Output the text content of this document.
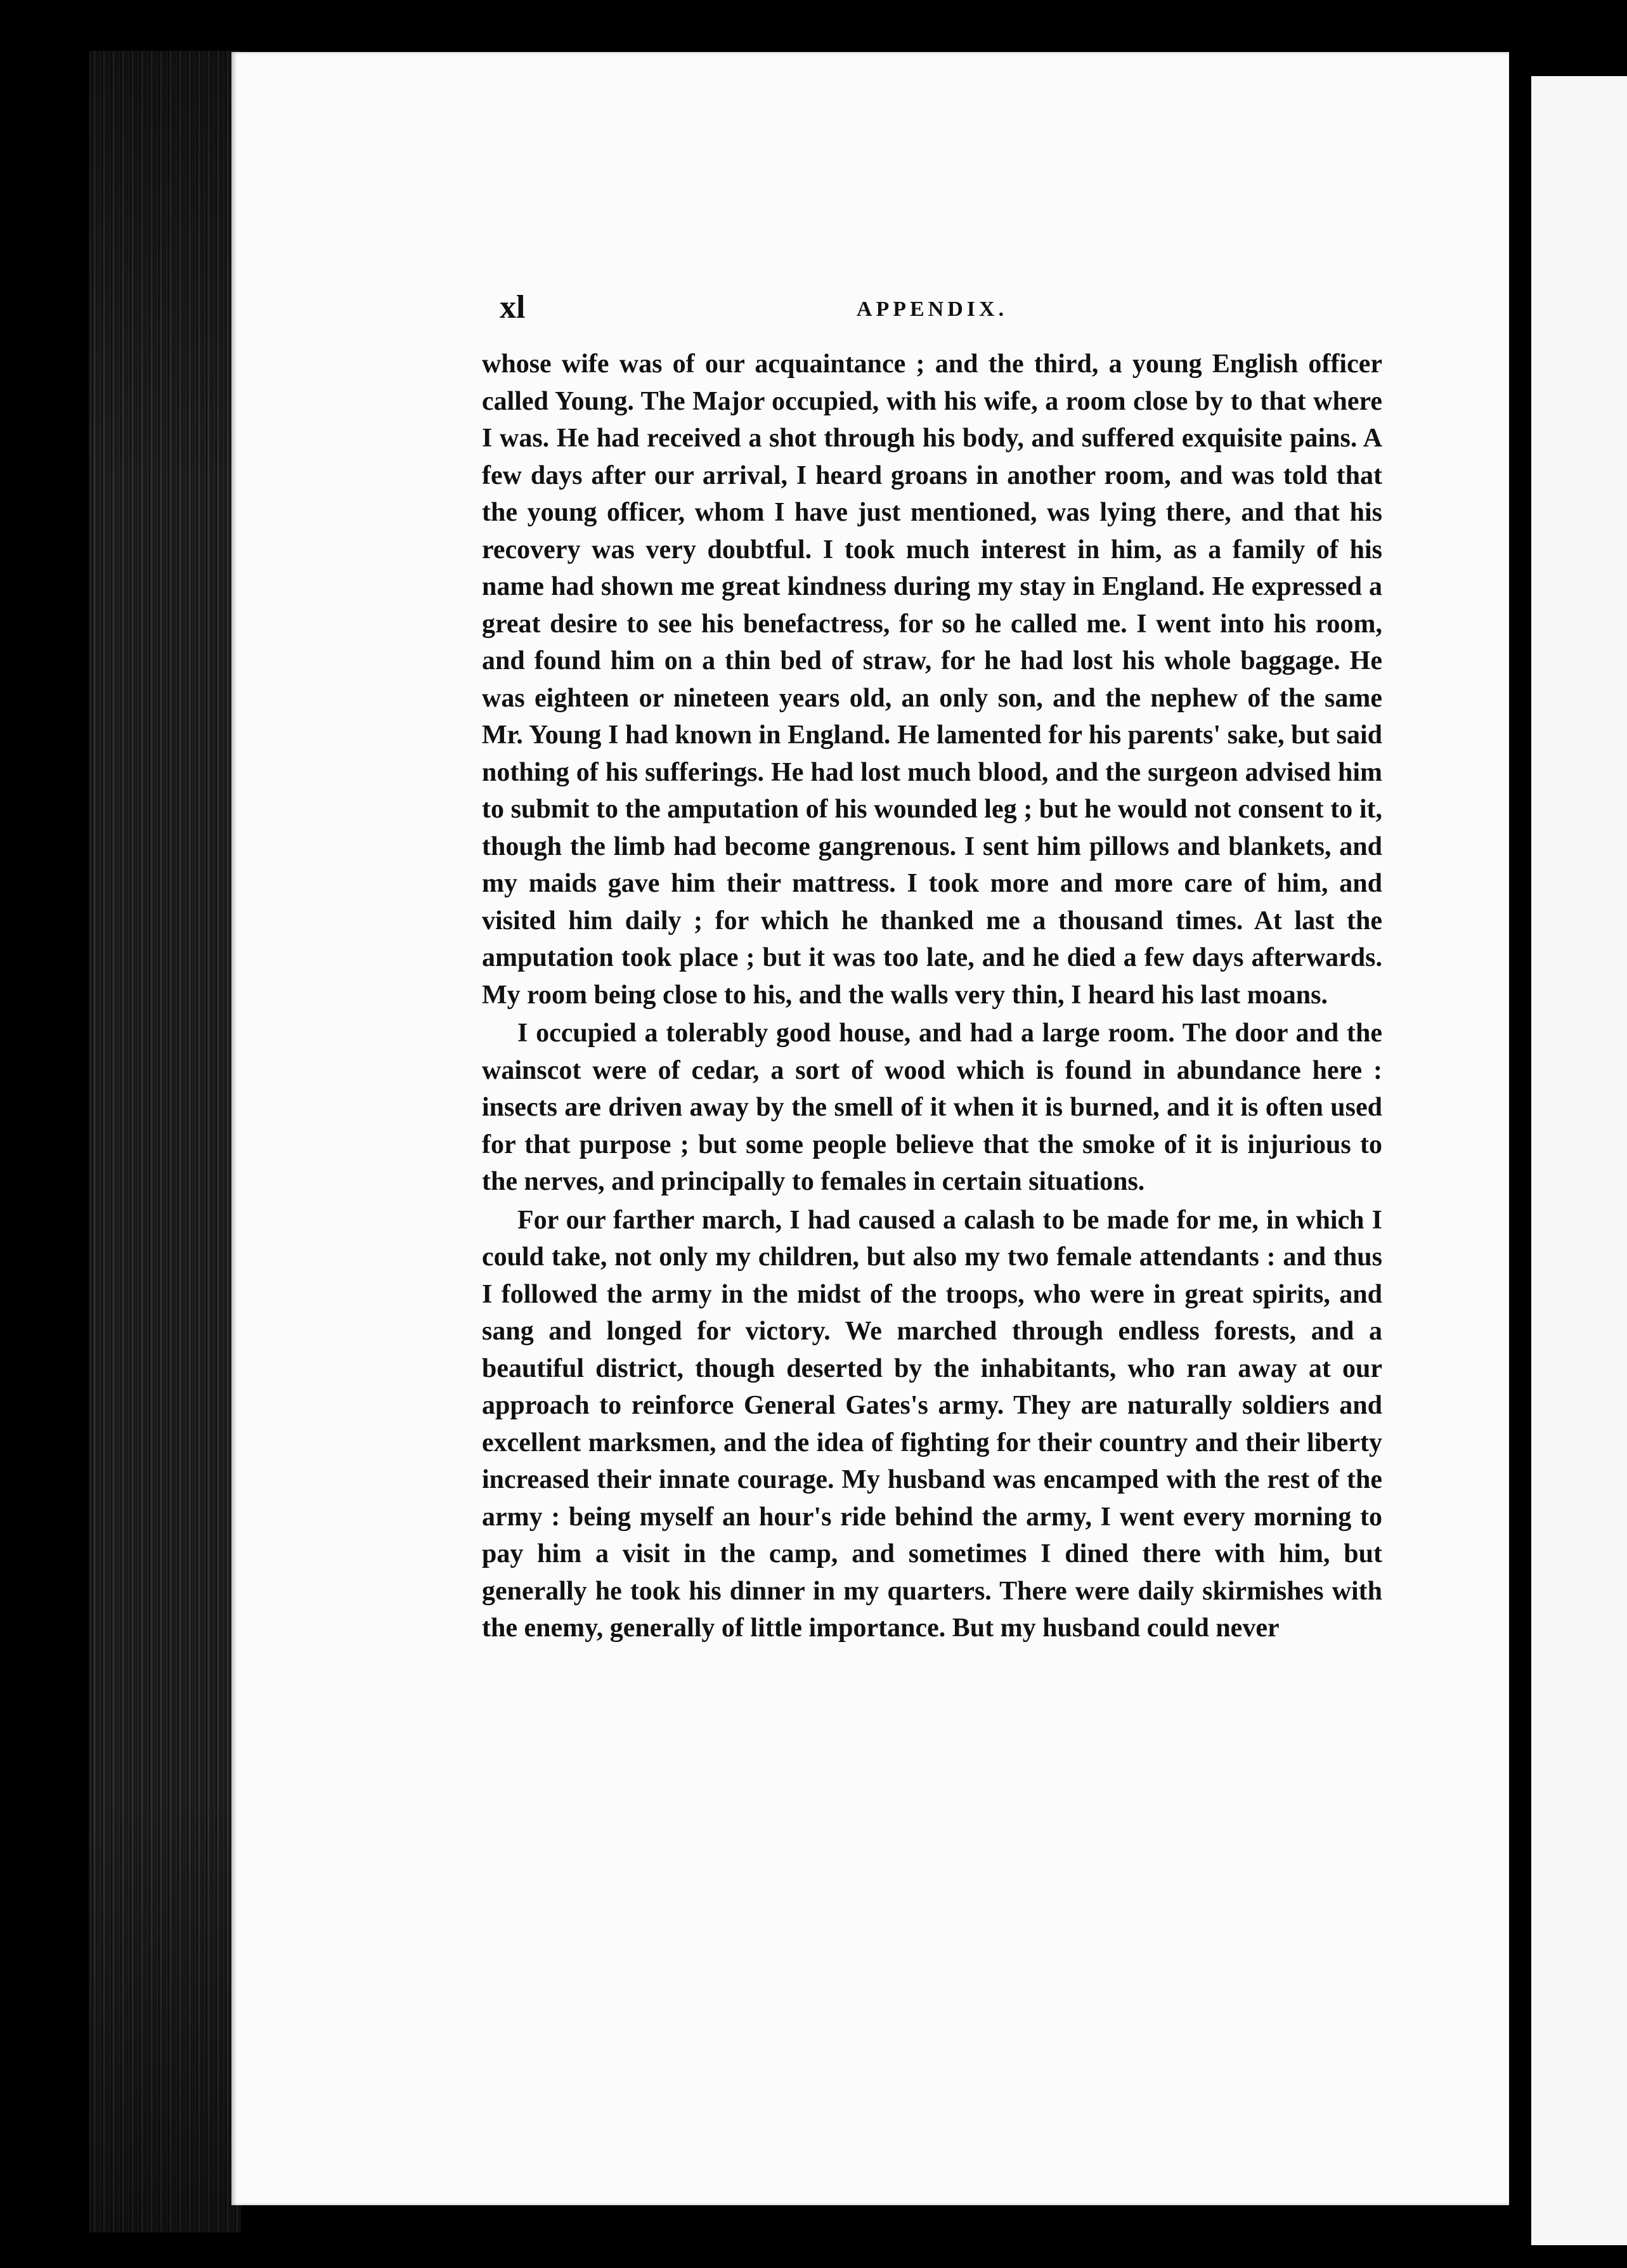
xl	APPENDIX.

whose wife was of our acquaintance ; and the third, a young English officer called Young. The Major occupied, with his wife, a room close by to that where I was. He had received a shot through his body, and suffered exquisite pains. A few days after our arrival, I heard groans in another room, and was told that the young officer, whom I have just mentioned, was lying there, and that his recovery was very doubtful. I took much interest in him, as a family of his name had shown me great kindness during my stay in England. He expressed a great desire to see his benefactress, for so he called me. I went into his room, and found him on a thin bed of straw, for he had lost his whole baggage. He was eighteen or nineteen years old, an only son, and the nephew of the same Mr. Young I had known in England. He lamented for his parents' sake, but said nothing of his sufferings. He had lost much blood, and the surgeon advised him to submit to the amputation of his wounded leg ; but he would not consent to it, though the limb had become gangrenous. I sent him pillows and blankets, and my maids gave him their mattress. I took more and more care of him, and visited him daily ; for which he thanked me a thousand times. At last the amputation took place ; but it was too late, and he died a few days afterwards. My room being close to his, and the walls very thin, I heard his last moans.

I occupied a tolerably good house, and had a large room. The door and the wainscot were of cedar, a sort of wood which is found in abundance here : insects are driven away by the smell of it when it is burned, and it is often used for that purpose ; but some people believe that the smoke of it is injurious to the nerves, and principally to females in certain situations.

For our farther march, I had caused a calash to be made for me, in which I could take, not only my children, but also my two female attendants : and thus I followed the army in the midst of the troops, who were in great spirits, and sang and longed for victory. We marched through endless forests, and a beautiful district, though deserted by the inhabitants, who ran away at our approach to reinforce General Gates's army. They are naturally soldiers and excellent marksmen, and the idea of fighting for their country and their liberty increased their innate courage. My husband was encamped with the rest of the army : being myself an hour's ride behind the army, I went every morning to pay him a visit in the camp, and sometimes I dined there with him, but generally he took his dinner in my quarters. There were daily skirmishes with the enemy, generally of little importance. But my husband could never
